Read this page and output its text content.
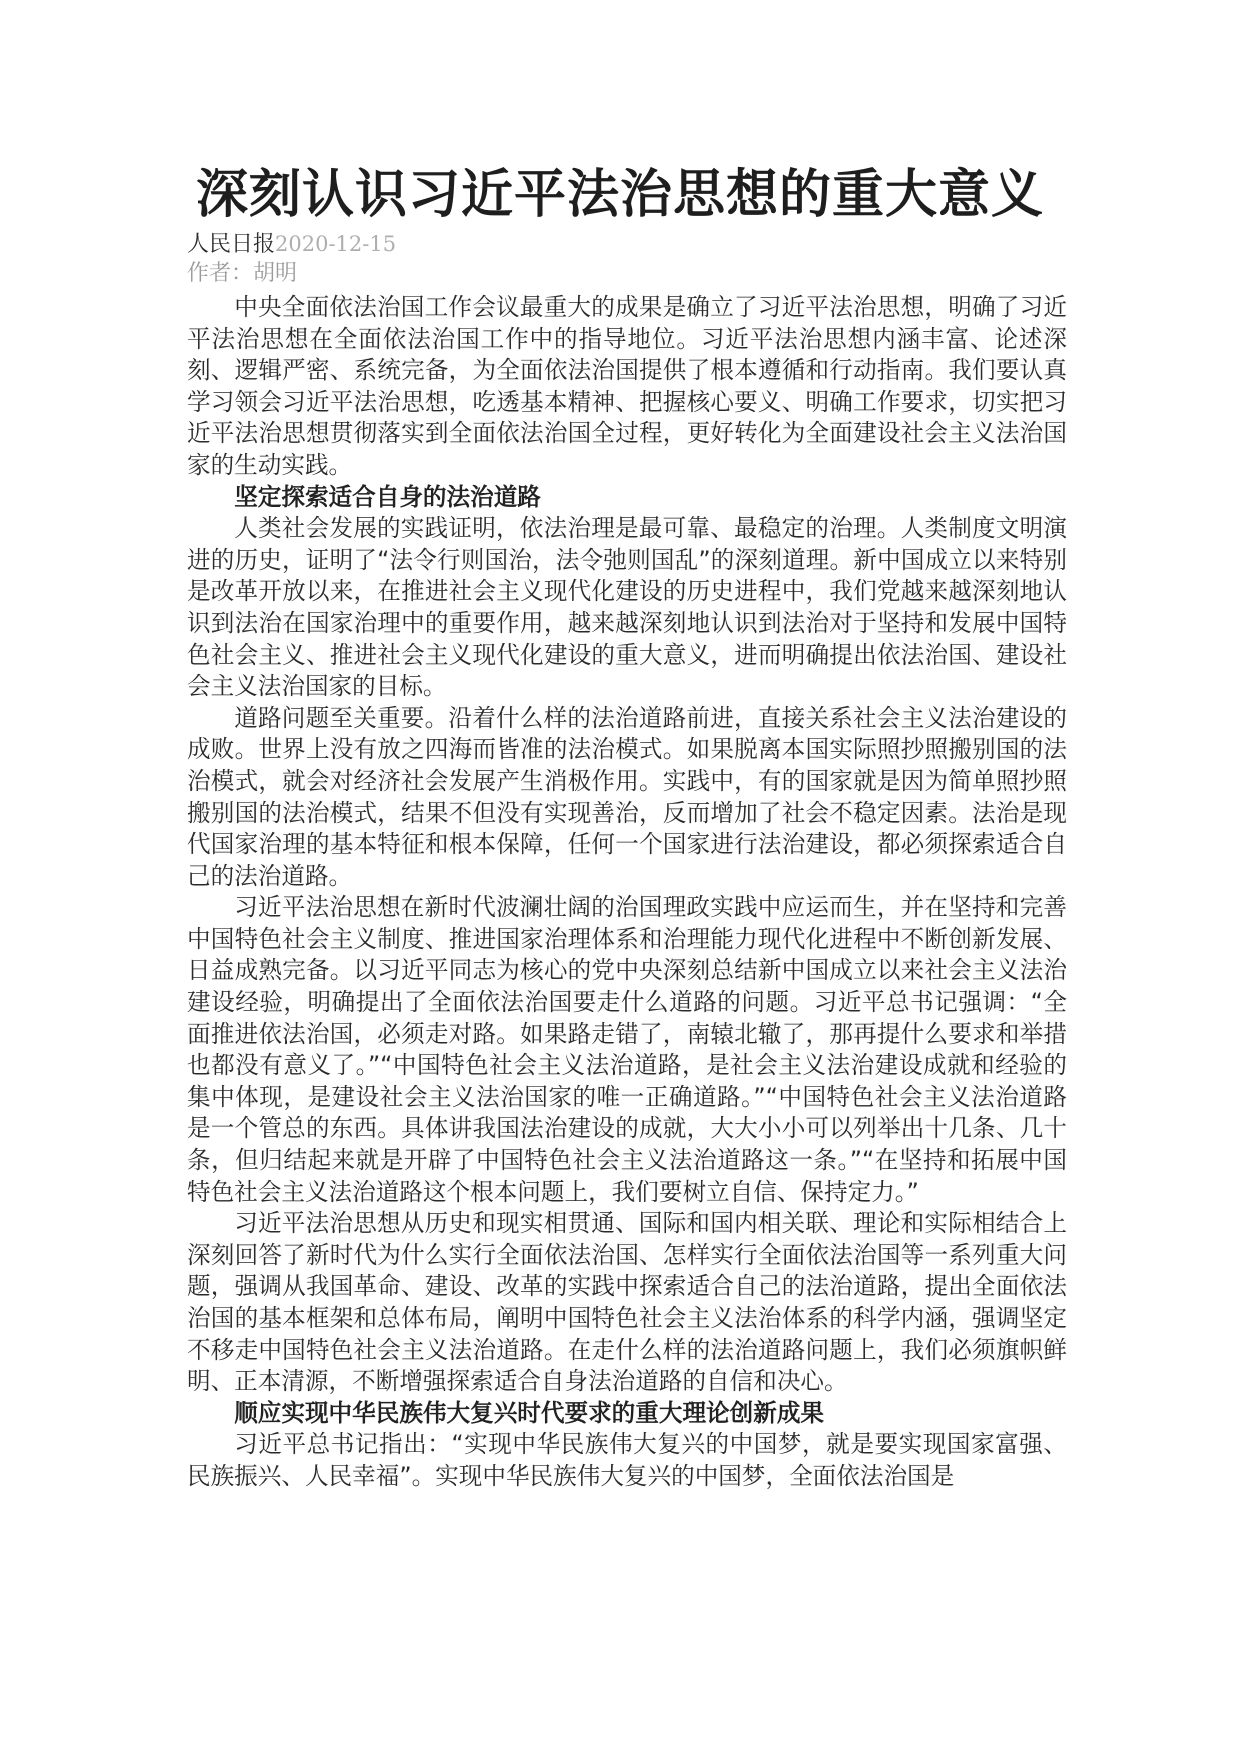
深刻认识习近平法治思想的重大意义
人民日报2020-12-15
作者：胡明

中央全面依法治国工作会议最重大的成果是确立了习近平法治思想，明确了习近平法治思想在全面依法治国工作中的指导地位。习近平法治思想内涵丰富、论述深刻、逻辑严密、系统完备，为全面依法治国提供了根本遵循和行动指南。我们要认真学习领会习近平法治思想，吃透基本精神、把握核心要义、明确工作要求，切实把习近平法治思想贯彻落实到全面依法治国全过程，更好转化为全面建设社会主义法治国家的生动实践。

坚定探索适合自身的法治道路

人类社会发展的实践证明，依法治理是最可靠、最稳定的治理。人类制度文明演进的历史，证明了“法令行则国治，法令弛则国乱”的深刻道理。新中国成立以来特别是改革开放以来，在推进社会主义现代化建设的历史进程中，我们党越来越深刻地认识到法治在国家治理中的重要作用，越来越深刻地认识到法治对于坚持和发展中国特色社会主义、推进社会主义现代化建设的重大意义，进而明确提出依法治国、建设社会主义法治国家的目标。

道路问题至关重要。沿着什么样的法治道路前进，直接关系社会主义法治建设的成败。世界上没有放之四海而皆准的法治模式。如果脱离本国实际照抄照搬别国的法治模式，就会对经济社会发展产生消极作用。实践中，有的国家就是因为简单照抄照搬别国的法治模式，结果不但没有实现善治，反而增加了社会不稳定因素。法治是现代国家治理的基本特征和根本保障，任何一个国家进行法治建设，都必须探索适合自己的法治道路。

习近平法治思想在新时代波澜壮阔的治国理政实践中应运而生，并在坚持和完善中国特色社会主义制度、推进国家治理体系和治理能力现代化进程中不断创新发展、日益成熟完备。以习近平同志为核心的党中央深刻总结新中国成立以来社会主义法治建设经验，明确提出了全面依法治国要走什么道路的问题。习近平总书记强调：“全面推进依法治国，必须走对路。如果路走错了，南辕北辙了，那再提什么要求和举措也都没有意义了。”“中国特色社会主义法治道路，是社会主义法治建设成就和经验的集中体现，是建设社会主义法治国家的唯一正确道路。”“中国特色社会主义法治道路是一个管总的东西。具体讲我国法治建设的成就，大大小小可以列举出十几条、几十条，但归结起来就是开辟了中国特色社会主义法治道路这一条。”“在坚持和拓展中国特色社会主义法治道路这个根本问题上，我们要树立自信、保持定力。”

习近平法治思想从历史和现实相贯通、国际和国内相关联、理论和实际相结合上深刻回答了新时代为什么实行全面依法治国、怎样实行全面依法治国等一系列重大问题，强调从我国革命、建设、改革的实践中探索适合自己的法治道路，提出全面依法治国的基本框架和总体布局，阐明中国特色社会主义法治体系的科学内涵，强调坚定不移走中国特色社会主义法治道路。在走什么样的法治道路问题上，我们必须旗帜鲜明、正本清源，不断增强探索适合自身法治道路的自信和决心。

顺应实现中华民族伟大复兴时代要求的重大理论创新成果

习近平总书记指出：“实现中华民族伟大复兴的中国梦，就是要实现国家富强、民族振兴、人民幸福”。实现中华民族伟大复兴的中国梦，全面依法治国是
